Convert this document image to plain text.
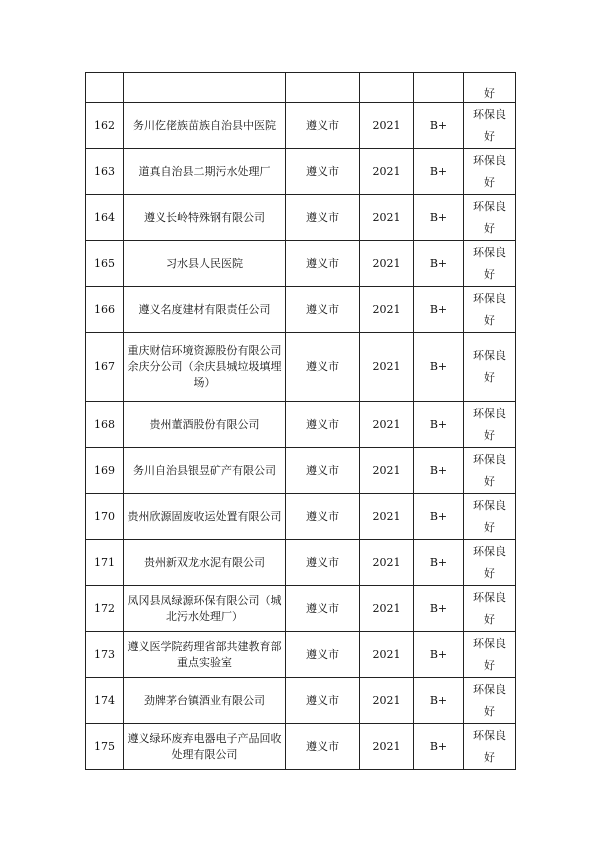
					好
162	务川仡佬族苗族自治县中医院	遵义市	2021	B+	环保良好
163	道真自治县二期污水处理厂	遵义市	2021	B+	环保良好
164	遵义长岭特殊钢有限公司	遵义市	2021	B+	环保良好
165	习水县人民医院	遵义市	2021	B+	环保良好
166	遵义名度建材有限责任公司	遵义市	2021	B+	环保良好
167	重庆财信环境资源股份有限公司余庆分公司（余庆县城垃圾填埋场）	遵义市	2021	B+	环保良好
168	贵州董酒股份有限公司	遵义市	2021	B+	环保良好
169	务川自治县银昱矿产有限公司	遵义市	2021	B+	环保良好
170	贵州欣源固废收运处置有限公司	遵义市	2021	B+	环保良好
171	贵州新双龙水泥有限公司	遵义市	2021	B+	环保良好
172	凤冈县凤绿源环保有限公司（城北污水处理厂）	遵义市	2021	B+	环保良好
173	遵义医学院药理省部共建教育部重点实验室	遵义市	2021	B+	环保良好
174	劲牌茅台镇酒业有限公司	遵义市	2021	B+	环保良好
175	遵义绿环废弃电器电子产品回收处理有限公司	遵义市	2021	B+	环保良好
